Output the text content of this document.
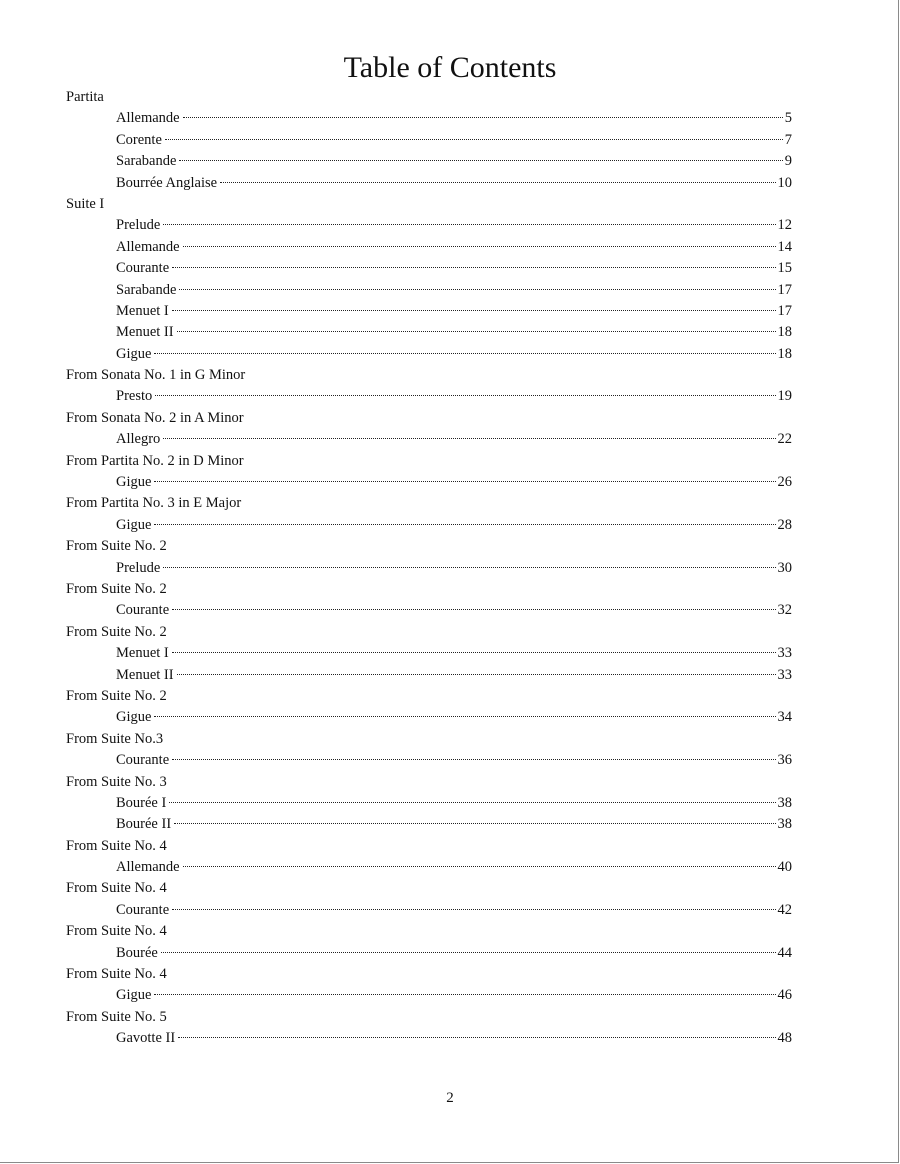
Table of Contents
Partita
Allemande	5
Corente	7
Sarabande	9
Bourrée Anglaise	10
Suite I
Prelude	12
Allemande	14
Courante	15
Sarabande	17
Menuet I	17
Menuet II	18
Gigue	18
From Sonata No. 1 in G Minor
Presto	19
From Sonata No. 2 in A Minor
Allegro	22
From Partita No. 2 in D Minor
Gigue	26
From Partita No. 3 in E Major
Gigue	28
From Suite No. 2
Prelude	30
From Suite No. 2
Courante	32
From Suite No. 2
Menuet I	33
Menuet II	33
From Suite No. 2
Gigue	34
From Suite No.3
Courante	36
From Suite No. 3
Bourée I	38
Bourée II	38
From Suite No. 4
Allemande	40
From Suite No. 4
Courante	42
From Suite No. 4
Bourée	44
From Suite No. 4
Gigue	46
From Suite No. 5
Gavotte II	48
2
